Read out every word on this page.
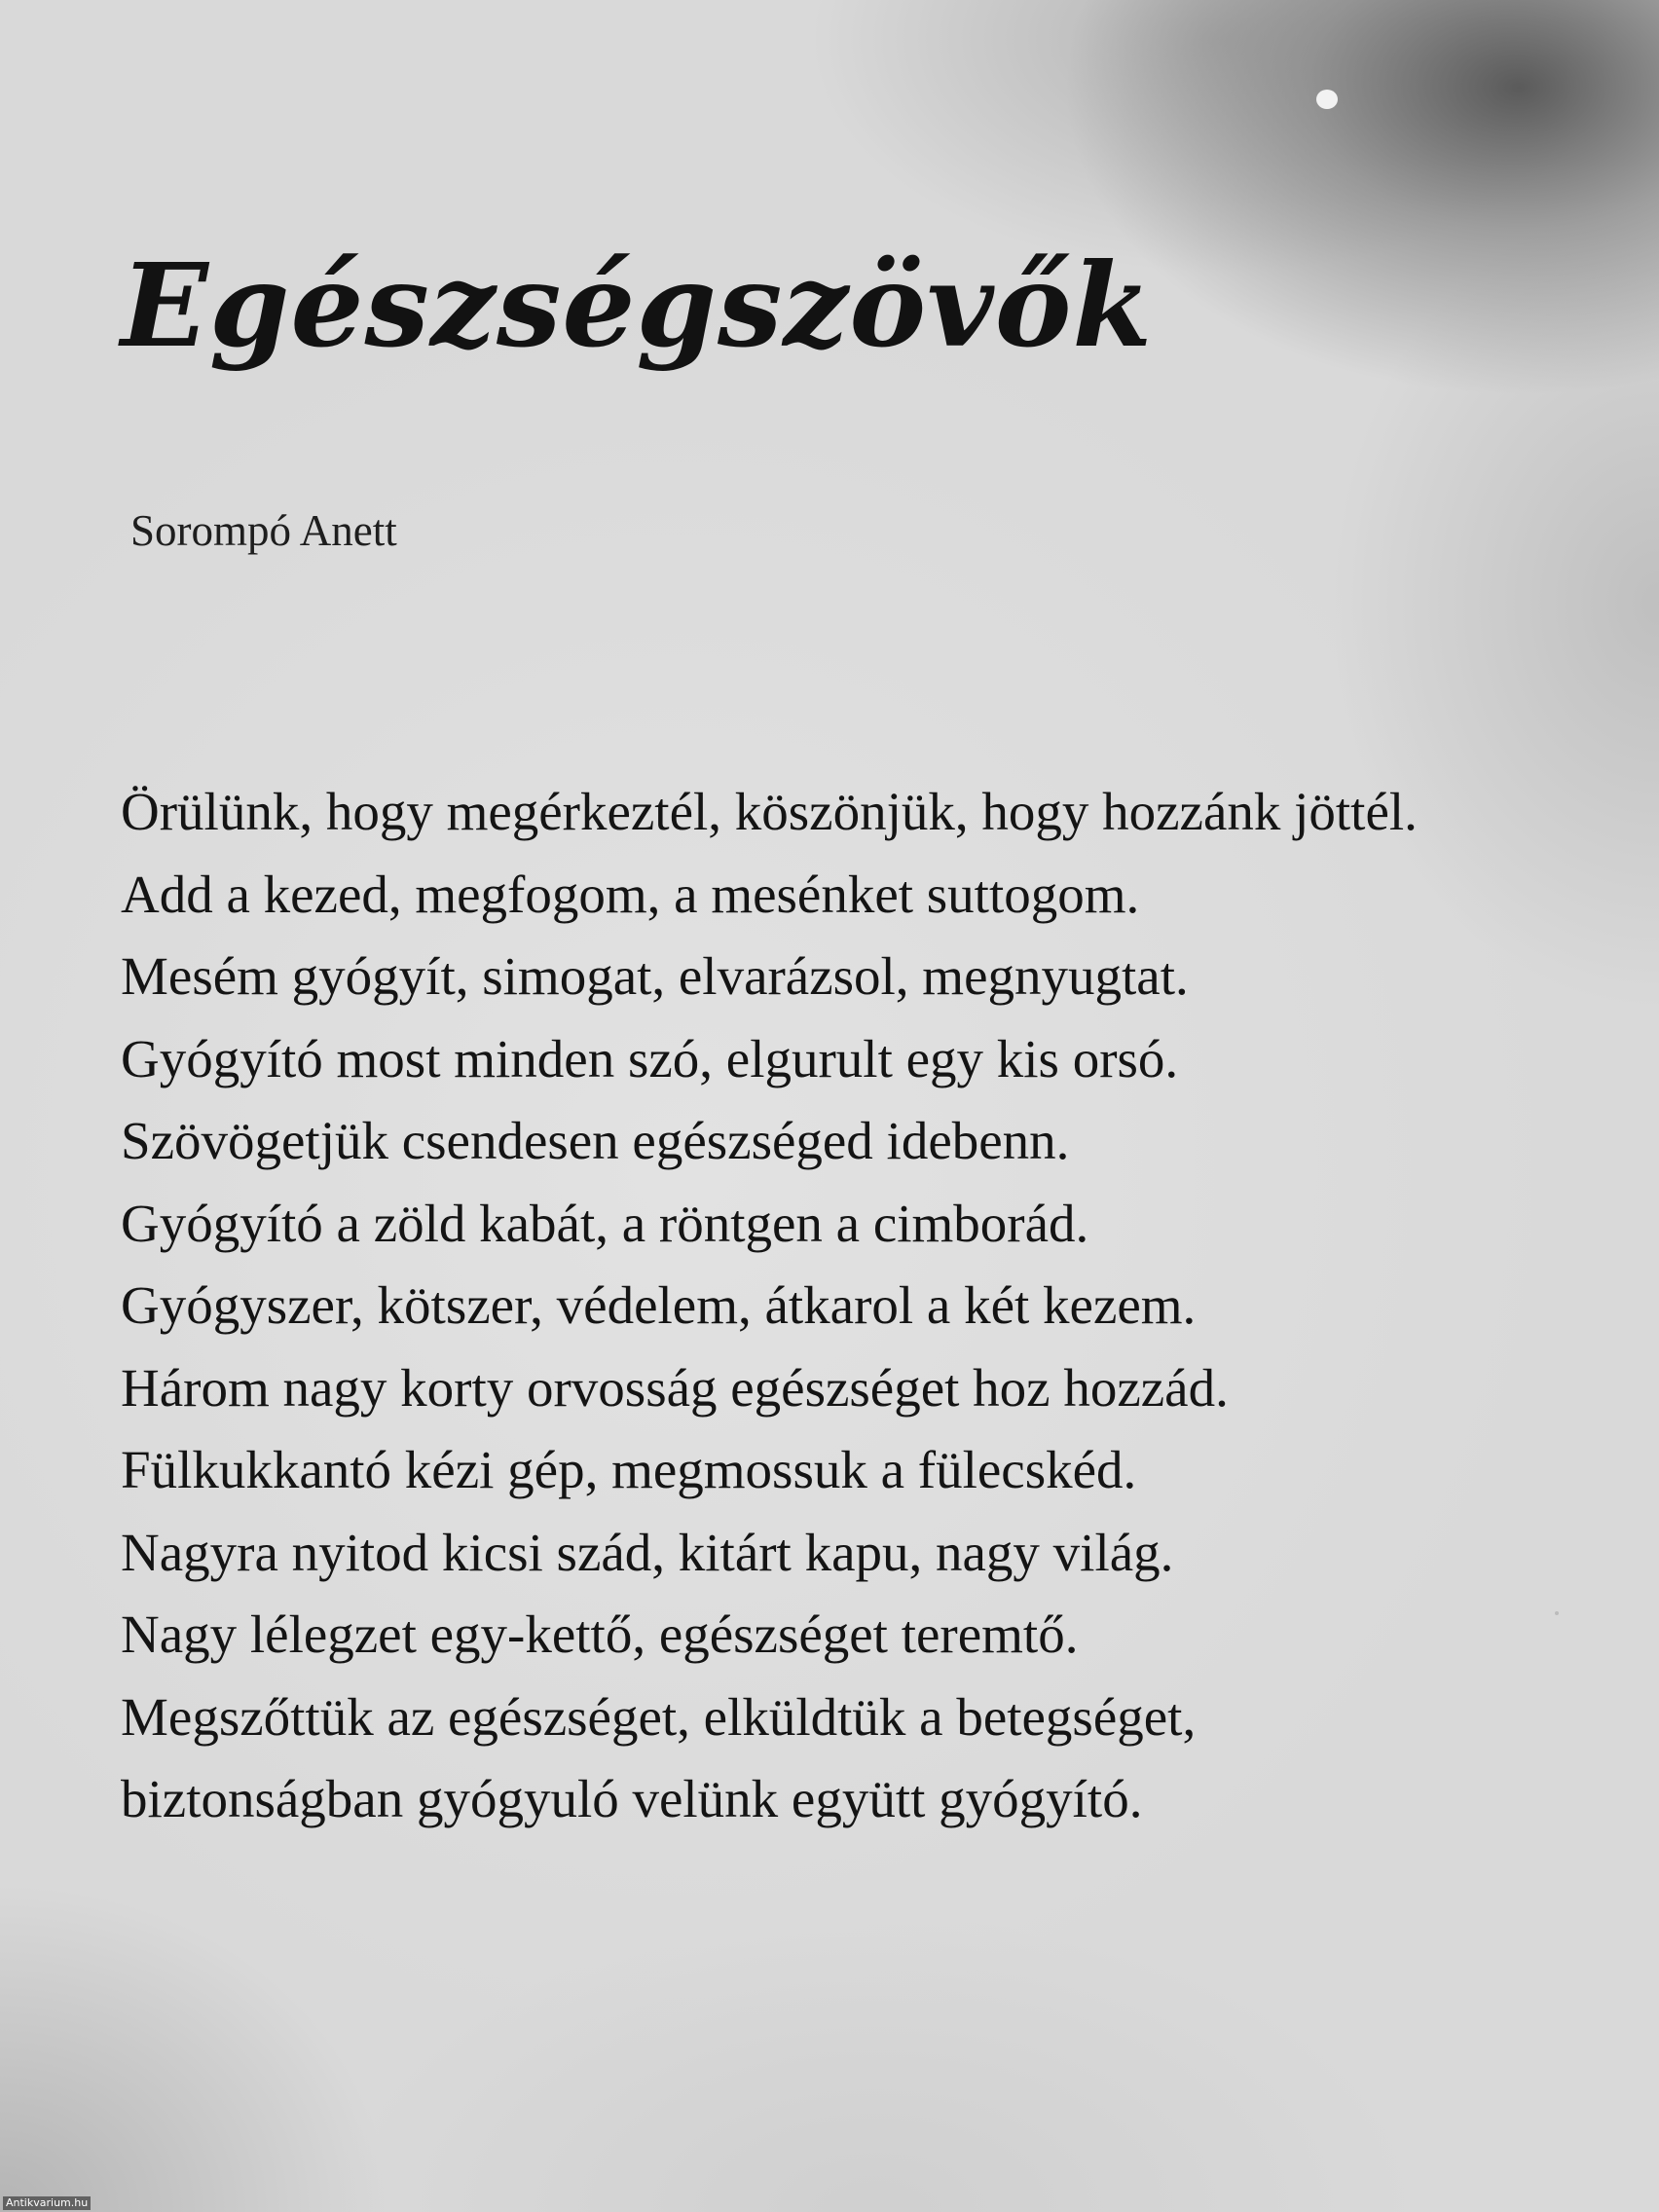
Egészségszövők

Sorompó Anett

Örülünk, hogy megérkeztél, köszönjük, hogy hozzánk jöttél.
Add a kezed, megfogom, a mesénket suttogom.
Mesém gyógyít, simogat, elvarázsol, megnyugtat.
Gyógyító most minden szó, elgurult egy kis orsó.
Szövögetjük csendesen egészséged idebenn.
Gyógyító a zöld kabát, a röntgen a cimborád.
Gyógyszer, kötszer, védelem, átkarol a két kezem.
Három nagy korty orvosság egészséget hoz hozzád.
Fülkukkantó kézi gép, megmossuk a fülecskéd.
Nagyra nyitod kicsi szád, kitárt kapu, nagy világ.
Nagy lélegzet egy-kettő, egészséget teremtő.
Megszőttük az egészséget, elküldtük a betegséget,
biztonságban gyógyuló velünk együtt gyógyító.
Antikvarium.hu
